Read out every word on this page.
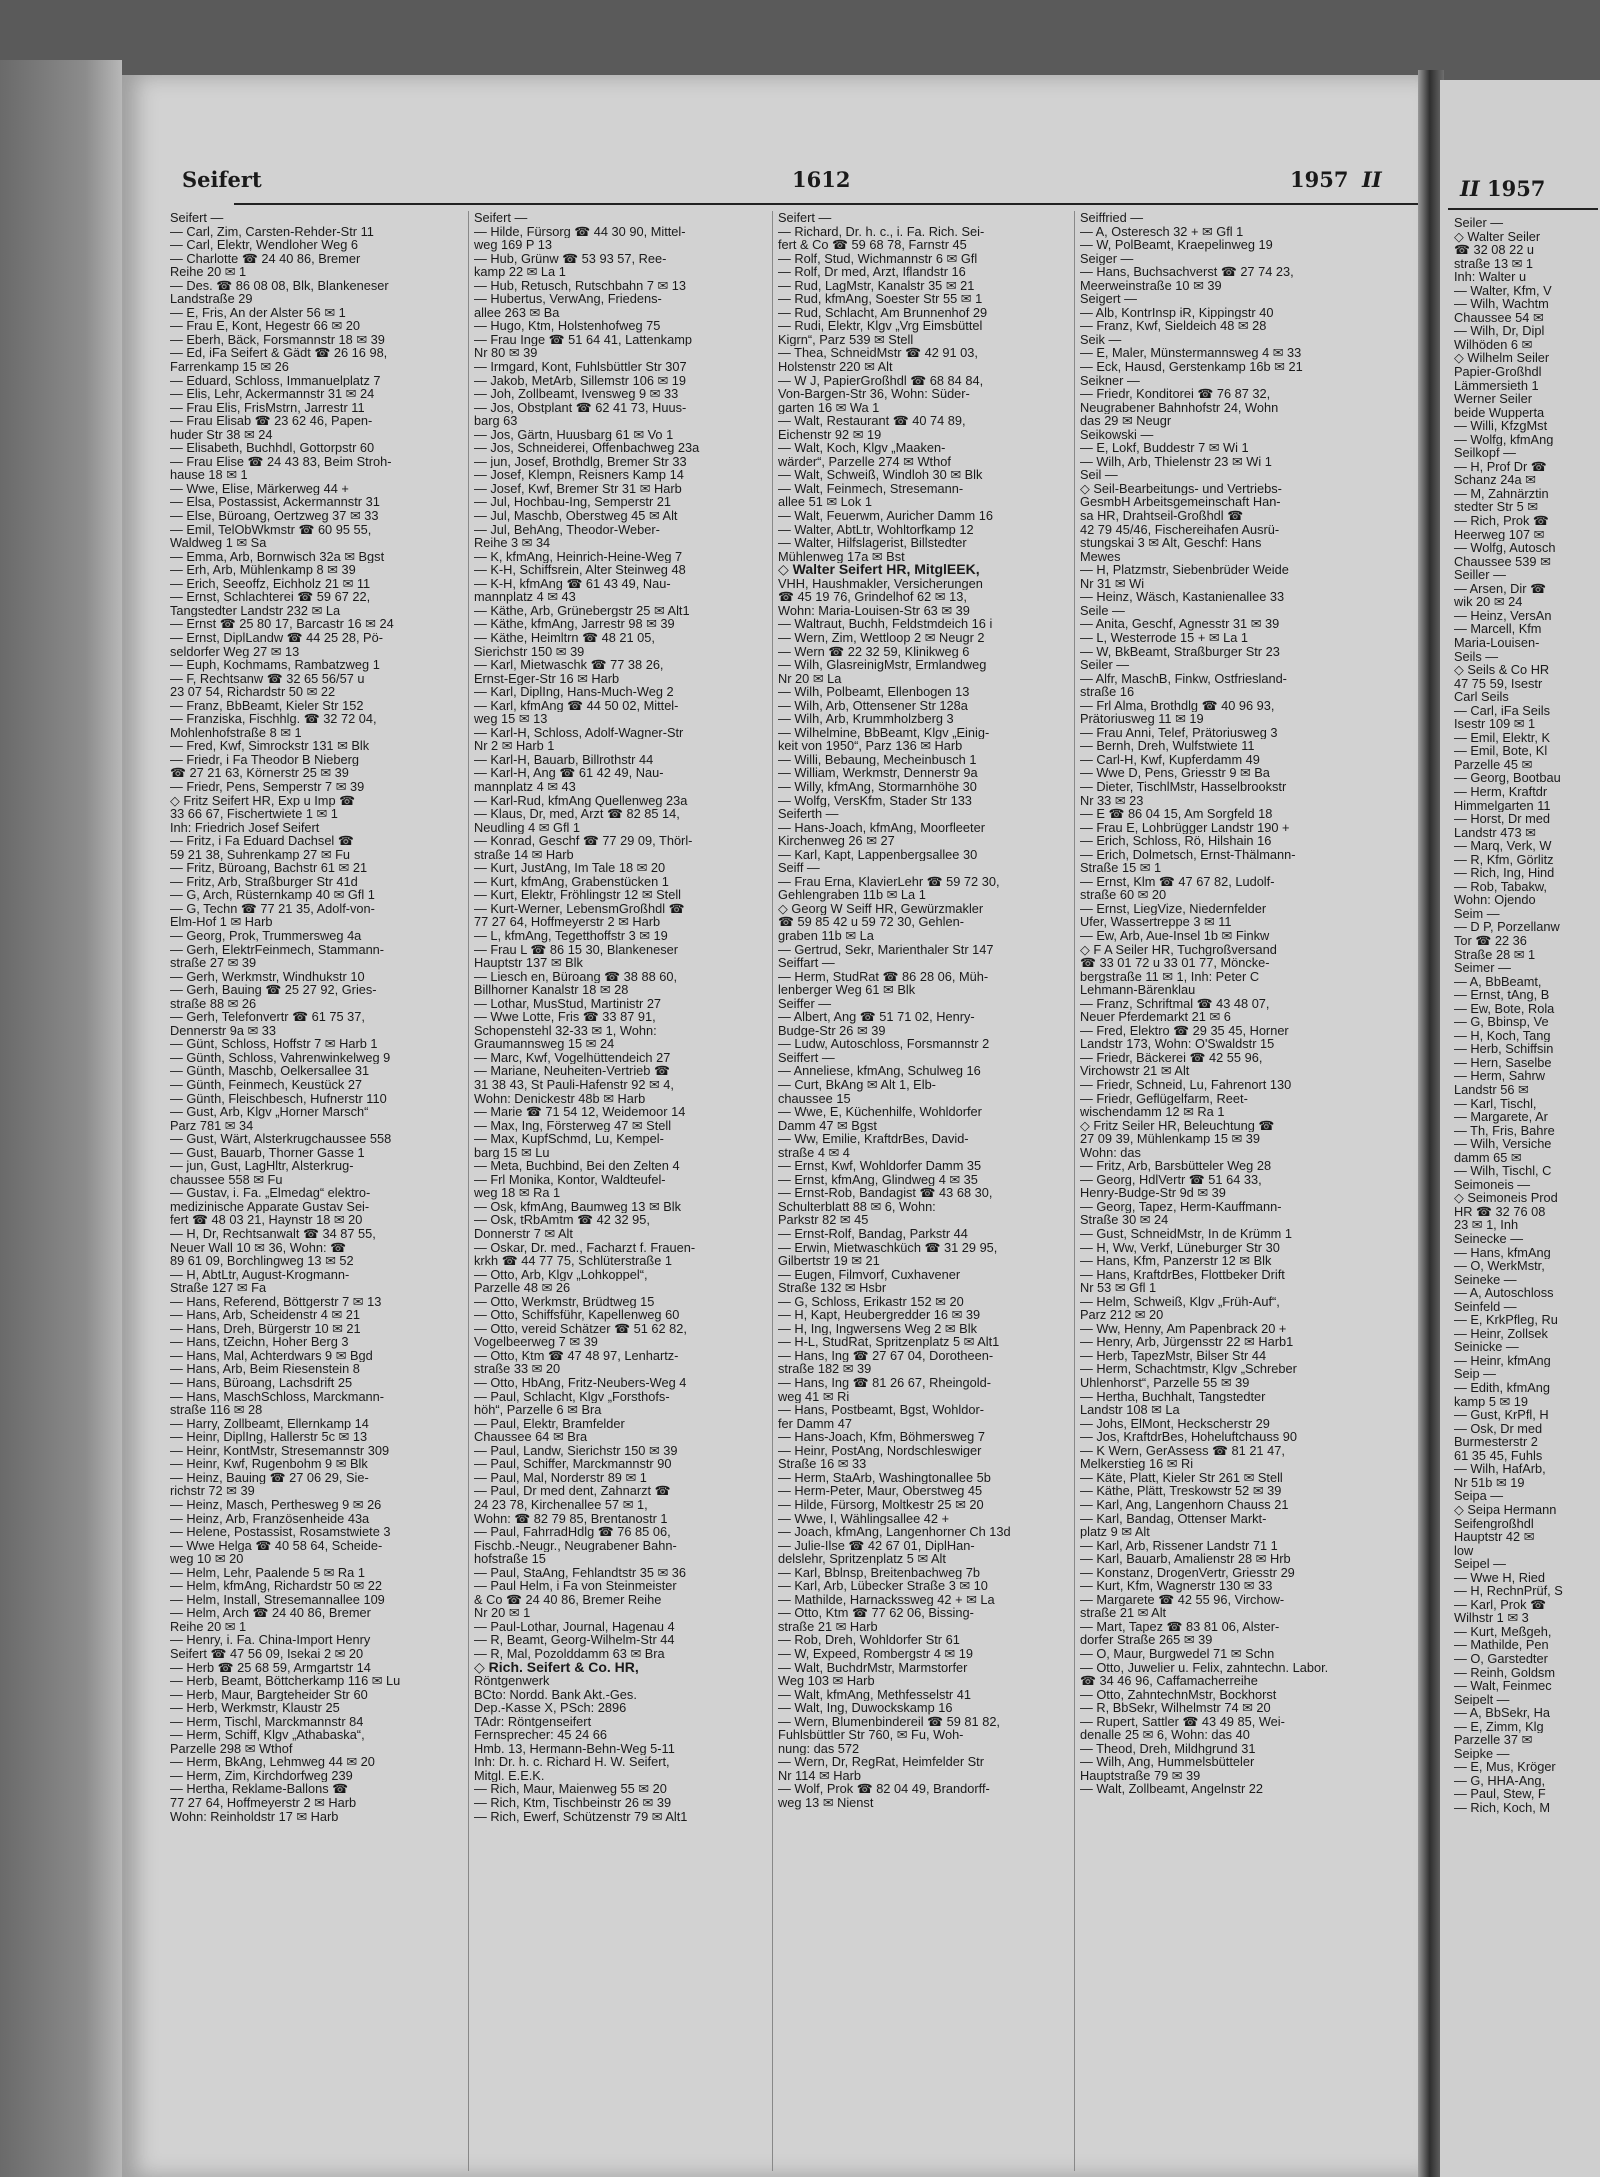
Seifert	1612	1957 II
Seifert —
— Carl, Zim, Carsten-Rehder-Str 11
— Carl, Elektr, Wendloher Weg 6
— Charlotte ☎ 24 40 86, Bremer
Reihe 20 ✉ 1
— Des. ☎ 86 08 08, Blk, Blankeneser
Landstraße 29
— E, Fris, An der Alster 56 ✉ 1
— Frau E, Kont, Hegestr 66 ✉ 20
— Eberh, Bäck, Forsmannstr 18 ✉ 39
— Ed, iFa Seifert & Gädt ☎ 26 16 98,
Farrenkamp 15 ✉ 26
— Eduard, Schloss, Immanuelplatz 7
— Elis, Lehr, Ackermannstr 31 ✉ 24
— Frau Elis, FrisMstrn, Jarrestr 11
— Frau Elisab ☎ 23 62 46, Papen-
huder Str 38 ✉ 24
— Elisabeth, Buchhdl, Gottorpstr 60
— Frau Elise ☎ 24 43 83, Beim Stroh-
hause 18 ✉ 1
— Wwe, Elise, Märkerweg 44 +
— Elsa, Postassist, Ackermannstr 31
— Else, Büroang, Oertzweg 37 ✉ 33
— Emil, TelObWkmstr ☎ 60 95 55,
Waldweg 1 ✉ Sa
— Emma, Arb, Bornwisch 32a ✉ Bgst
— Erh, Arb, Mühlenkamp 8 ✉ 39
— Erich, Seeoffz, Eichholz 21 ✉ 11
— Ernst, Schlachterei ☎ 59 67 22,
Tangstedter Landstr 232 ✉ La
— Ernst ☎ 25 80 17, Barcastr 16 ✉ 24
— Ernst, DiplLandw ☎ 44 25 28, Pö-
seldorfer Weg 27 ✉ 13
— Euph, Kochmams, Rambatzweg 1
— F, Rechtsanw ☎ 32 65 56/57 u
23 07 54, Richardstr 50 ✉ 22
— Franz, BbBeamt, Kieler Str 152
— Franziska, Fischhlg. ☎ 32 72 04,
Mohlenhofstraße 8 ✉ 1
— Fred, Kwf, Simrockstr 131 ✉ Blk
— Friedr, i Fa Theodor B Nieberg
☎ 27 21 63, Körnerstr 25 ✉ 39
— Friedr, Pens, Semperstr 7 ✉ 39
◇ Fritz Seifert HR, Exp u Imp ☎
33 66 67, Fischertwiete 1 ✉ 1
Inh: Friedrich Josef Seifert
— Fritz, i Fa Eduard Dachsel ☎
59 21 38, Suhrenkamp 27 ✉ Fu
— Fritz, Büroang, Bachstr 61 ✉ 21
— Fritz, Arb, Straßburger Str 41d
— G, Arch, Rüsternkamp 40 ✉ Gfl 1
— G, Techn ☎ 77 21 35, Adolf-von-
Elm-Hof 1 ✉ Harb
— Georg, Prok, Trummersweg 4a
— Gerh, ElektrFeinmech, Stammann-
straße 27 ✉ 39
— Gerh, Werkmstr, Windhukstr 10
— Gerh, Bauing ☎ 25 27 92, Gries-
straße 88 ✉ 26
— Gerh, Telefonvertr ☎ 61 75 37,
Dennerstr 9a ✉ 33
— Günt, Schloss, Hoffstr 7 ✉ Harb 1
— Günth, Schloss, Vahrenwinkelweg 9
— Günth, Maschb, Oelkersallee 31
— Günth, Feinmech, Keustück 27
— Günth, Fleischbesch, Hufnerstr 110
— Gust, Arb, Klgv „Horner Marsch“
Parz 781 ✉ 34
— Gust, Wärt, Alsterkrugchaussee 558
— Gust, Bauarb, Thorner Gasse 1
— jun, Gust, LagHltr, Alsterkrug-
chaussee 558 ✉ Fu
— Gustav, i. Fa. „Elmedag“ elektro-
medizinische Apparate Gustav Sei-
fert ☎ 48 03 21, Haynstr 18 ✉ 20
— H, Dr, Rechtsanwalt ☎ 34 87 55,
Neuer Wall 10 ✉ 36, Wohn: ☎
89 61 09, Borchlingweg 13 ✉ 52
— H, AbtLtr, August-Krogmann-
Straße 127 ✉ Fa
— Hans, Referend, Böttgerstr 7 ✉ 13
— Hans, Arb, Scheidenstr 4 ✉ 21
— Hans, Dreh, Bürgerstr 10 ✉ 21
— Hans, tZeichn, Hoher Berg 3
— Hans, Mal, Achterdwars 9 ✉ Bgd
— Hans, Arb, Beim Riesenstein 8
— Hans, Büroang, Lachsdrift 25
— Hans, MaschSchloss, Marckmann-
straße 116 ✉ 28
— Harry, Zollbeamt, Ellernkamp 14
— Heinr, DiplIng, Hallerstr 5c ✉ 13
— Heinr, KontMstr, Stresemannstr 309
— Heinr, Kwf, Rugenbohm 9 ✉ Blk
— Heinz, Bauing ☎ 27 06 29, Sie-
richstr 72 ✉ 39
— Heinz, Masch, Perthesweg 9 ✉ 26
— Heinz, Arb, Französenheide 43a
— Helene, Postassist, Rosamstwiete 3
— Wwe Helga ☎ 40 58 64, Scheide-
weg 10 ✉ 20
— Helm, Lehr, Paalende 5 ✉ Ra 1
— Helm, kfmAng, Richardstr 50 ✉ 22
— Helm, Install, Stresemannallee 109
— Helm, Arch ☎ 24 40 86, Bremer
Reihe 20 ✉ 1
— Henry, i. Fa. China-Import Henry
Seifert ☎ 47 56 09, Isekai 2 ✉ 20
— Herb ☎ 25 68 59, Armgartstr 14
— Herb, Beamt, Böttcherkamp 116 ✉ Lu
— Herb, Maur, Bargteheider Str 60
— Herb, Werkmstr, Klaustr 25
— Herm, Tischl, Marckmannstr 84
— Herm, Schiff, Klgv „Athabaska“,
Parzelle 298 ✉ Wthof
— Herm, BkAng, Lehmweg 44 ✉ 20
— Herm, Zim, Kirchdorfweg 239
— Hertha, Reklame-Ballons ☎
77 27 64, Hoffmeyerstr 2 ✉ Harb
Wohn: Reinholdstr 17 ✉ Harb
Seifert —
— Hilde, Fürsorg ☎ 44 30 90, Mittel-
weg 169 P 13
— Hub, Grünw ☎ 53 93 57, Ree-
kamp 22 ✉ La 1
— Hub, Retusch, Rutschbahn 7 ✉ 13
— Hubertus, VerwAng, Friedens-
allee 263 ✉ Ba
— Hugo, Ktm, Holstenhofweg 75
— Frau Inge ☎ 51 64 41, Lattenkamp
Nr 80 ✉ 39
— Irmgard, Kont, Fuhlsbüttler Str 307
— Jakob, MetArb, Sillemstr 106 ✉ 19
— Joh, Zollbeamt, Ivensweg 9 ✉ 33
— Jos, Obstplant ☎ 62 41 73, Huus-
barg 63
— Jos, Gärtn, Huusbarg 61 ✉ Vo 1
— Jos, Schneiderei, Offenbachweg 23a
— jun, Josef, Brothdlg, Bremer Str 33
— Josef, Klempn, Reisners Kamp 14
— Josef, Kwf, Bremer Str 31 ✉ Harb
— Jul, Hochbau-Ing, Semperstr 21
— Jul, Maschb, Oberstweg 45 ✉ Alt
— Jul, BehAng, Theodor-Weber-
Reihe 3 ✉ 34
— K, kfmAng, Heinrich-Heine-Weg 7
— K-H, Schiffsrein, Alter Steinweg 48
— K-H, kfmAng ☎ 61 43 49, Nau-
mannplatz 4 ✉ 43
— Käthe, Arb, Grünebergstr 25 ✉ Alt1
— Käthe, kfmAng, Jarrestr 98 ✉ 39
— Käthe, Heimltrn ☎ 48 21 05,
Sierichstr 150 ✉ 39
— Karl, Mietwaschk ☎ 77 38 26,
Ernst-Eger-Str 16 ✉ Harb
— Karl, DiplIng, Hans-Much-Weg 2
— Karl, kfmAng ☎ 44 50 02, Mittel-
weg 15 ✉ 13
— Karl-H, Schloss, Adolf-Wagner-Str
Nr 2 ✉ Harb 1
— Karl-H, Bauarb, Billrothstr 44
— Karl-H, Ang ☎ 61 42 49, Nau-
mannplatz 4 ✉ 43
— Karl-Rud, kfmAng Quellenweg 23a
— Klaus, Dr, med, Arzt ☎ 82 85 14,
Neudling 4 ✉ Gfl 1
— Konrad, Geschf ☎ 77 29 09, Thörl-
straße 14 ✉ Harb
— Kurt, JustAng, Im Tale 18 ✉ 20
— Kurt, kfmAng, Grabenstücken 1
— Kurt, Elektr, Fröhlingstr 12 ✉ Stell
— Kurt-Werner, LebensmGroßhdl ☎
77 27 64, Hoffmeyerstr 2 ✉ Harb
— L, kfmAng, Tegetthoffstr 3 ✉ 19
— Frau L ☎ 86 15 30, Blankeneser
Hauptstr 137 ✉ Blk
— Liesch en, Büroang ☎ 38 88 60,
Billhorner Kanalstr 18 ✉ 28
— Lothar, MusStud, Martinistr 27
— Wwe Lotte, Fris ☎ 33 87 91,
Schopenstehl 32-33 ✉ 1, Wohn:
Graumannsweg 15 ✉ 24
— Marc, Kwf, Vogelhüttendeich 27
— Mariane, Neuheiten-Vertrieb ☎
31 38 43, St Pauli-Hafenstr 92 ✉ 4,
Wohn: Denickestr 48b ✉ Harb
— Marie ☎ 71 54 12, Weidemoor 14
— Max, Ing, Försterweg 47 ✉ Stell
— Max, KupfSchmd, Lu, Kempel-
barg 15 ✉ Lu
— Meta, Buchbind, Bei den Zelten 4
— Frl Monika, Kontor, Waldteufel-
weg 18 ✉ Ra 1
— Osk, kfmAng, Baumweg 13 ✉ Blk
— Osk, tRbAmtm ☎ 42 32 95,
Donnerstr 7 ✉ Alt
— Oskar, Dr. med., Facharzt f. Frauen-
krkh ☎ 44 77 75, Schlüterstraße 1
— Otto, Arb, Klgv „Lohkoppel“,
Parzelle 48 ✉ 26
— Otto, Werkmstr, Brüdtweg 15
— Otto, Schiffsführ, Kapellenweg 60
— Otto, vereid Schätzer ☎ 51 62 82,
Vogelbeerweg 7 ✉ 39
— Otto, Ktm ☎ 47 48 97, Lenhartz-
straße 33 ✉ 20
— Otto, HbAng, Fritz-Neubers-Weg 4
— Paul, Schlacht, Klgv „Forsthofs-
höh“, Parzelle 6 ✉ Bra
— Paul, Elektr, Bramfelder
Chaussee 64 ✉ Bra
— Paul, Landw, Sierichstr 150 ✉ 39
— Paul, Schiffer, Marckmannstr 90
— Paul, Mal, Norderstr 89 ✉ 1
— Paul, Dr med dent, Zahnarzt ☎
24 23 78, Kirchenallee 57 ✉ 1,
Wohn: ☎ 82 79 85, Brentanostr 1
— Paul, FahrradHdlg ☎ 76 85 06,
Fischb.-Neugr., Neugrabener Bahn-
hofstraße 15
— Paul, StaAng, Fehlandtstr 35 ✉ 36
— Paul Helm, i Fa von Steinmeister
& Co ☎ 24 40 86, Bremer Reihe
Nr 20 ✉ 1
— Paul-Lothar, Journal, Hagenau 4
— R, Beamt, Georg-Wilhelm-Str 44
— R, Mal, Pozolddamm 63 ✉ Bra
◇ Rich. Seifert & Co. HR,
Röntgenwerk
BCto: Nordd. Bank Akt.-Ges.
Dep.-Kasse X, PSch: 2896
TAdr: Röntgenseifert
Fernsprecher: 45 24 66
Hmb. 13, Hermann-Behn-Weg 5-11
Inh: Dr. h. c. Richard H. W. Seifert,
Mitgl. E.E.K.
— Rich, Maur, Maienweg 55 ✉ 20
— Rich, Ktm, Tischbeinstr 26 ✉ 39
— Rich, Ewerf, Schützenstr 79 ✉ Alt1
Seifert —
— Richard, Dr. h. c., i. Fa. Rich. Sei-
fert & Co ☎ 59 68 78, Farnstr 45
— Rolf, Stud, Wichmannstr 6 ✉ Gfl
— Rolf, Dr med, Arzt, Iflandstr 16
— Rud, LagMstr, Kanalstr 35 ✉ 21
— Rud, kfmAng, Soester Str 55 ✉ 1
— Rud, Schlacht, Am Brunnenhof 29
— Rudi, Elektr, Klgv „Vrg Eimsbüttel
Kigrn“, Parz 539 ✉ Stell
— Thea, SchneidMstr ☎ 42 91 03,
Holstenstr 220 ✉ Alt
— W J, PapierGroßhdl ☎ 68 84 84,
Von-Bargen-Str 36, Wohn: Süder-
garten 16 ✉ Wa 1
— Walt, Restaurant ☎ 40 74 89,
Eichenstr 92 ✉ 19
— Walt, Koch, Klgv „Maaken-
wärder“, Parzelle 274 ✉ Wthof
— Walt, Schweiß, Windloh 30 ✉ Blk
— Walt, Feinmech, Stresemann-
allee 51 ✉ Lok 1
— Walt, Feuerwm, Auricher Damm 16
— Walter, AbtLtr, Wohltorfkamp 12
— Walter, Hilfslagerist, Billstedter
Mühlenweg 17a ✉ Bst
◇ Walter Seifert HR, MitglEEK,
VHH, Haushmakler, Versicherungen
☎ 45 19 76, Grindelhof 62 ✉ 13,
Wohn: Maria-Louisen-Str 63 ✉ 39
— Waltraut, Buchh, Feldstmdeich 16 i
— Wern, Zim, Wettloop 2 ✉ Neugr 2
— Wern ☎ 22 32 59, Klinikweg 6
— Wilh, GlasreinigMstr, Ermlandweg
Nr 20 ✉ La
— Wilh, Polbeamt, Ellenbogen 13
— Wilh, Arb, Ottensener Str 128a
— Wilh, Arb, Krummholzberg 3
— Wilhelmine, BbBeamt, Klgv „Einig-
keit von 1950“, Parz 136 ✉ Harb
— Willi, Bebaung, Mecheinbusch 1
— William, Werkmstr, Dennerstr 9a
— Willy, kfmAng, Stormarnhöhe 30
— Wolfg, VersKfm, Stader Str 133
Seiferth —
— Hans-Joach, kfmAng, Moorfleeter
Kirchenweg 26 ✉ 27
— Karl, Kapt, Lappenbergsallee 30
Seiff —
— Frau Erna, KlavierLehr ☎ 59 72 30,
Gehlengraben 11b ✉ La 1
◇ Georg W Seiff HR, Gewürzmakler
☎ 59 85 42 u 59 72 30, Gehlen-
graben 11b ✉ La
— Gertrud, Sekr, Marienthaler Str 147
Seiffart —
— Herm, StudRat ☎ 86 28 06, Müh-
lenberger Weg 61 ✉ Blk
Seiffer —
— Albert, Ang ☎ 51 71 02, Henry-
Budge-Str 26 ✉ 39
— Ludw, Autoschloss, Forsmannstr 2
Seiffert —
— Anneliese, kfmAng, Schulweg 16
— Curt, BkAng ✉ Alt 1, Elb-
chaussee 15
— Wwe, E, Küchenhilfe, Wohldorfer
Damm 47 ✉ Bgst
— Ww, Emilie, KraftdrBes, David-
straße 4 ✉ 4
— Ernst, Kwf, Wohldorfer Damm 35
— Ernst, kfmAng, Glindweg 4 ✉ 35
— Ernst-Rob, Bandagist ☎ 43 68 30,
Schulterblatt 88 ✉ 6, Wohn:
Parkstr 82 ✉ 45
— Ernst-Rolf, Bandag, Parkstr 44
— Erwin, Mietwaschküch ☎ 31 29 95,
Gilbertstr 19 ✉ 21
— Eugen, Filmvorf, Cuxhavener
Straße 132 ✉ Hsbr
— G, Schloss, Erikastr 152 ✉ 20
— H, Kapt, Heubergredder 16 ✉ 39
— H, Ing, Ingwersens Weg 2 ✉ Blk
— H-L, StudRat, Spritzenplatz 5 ✉ Alt1
— Hans, Ing ☎ 27 67 04, Dorotheen-
straße 182 ✉ 39
— Hans, Ing ☎ 81 26 67, Rheingold-
weg 41 ✉ Ri
— Hans, Postbeamt, Bgst, Wohldor-
fer Damm 47
— Hans-Joach, Kfm, Böhmersweg 7
— Heinr, PostAng, Nordschleswiger
Straße 16 ✉ 33
— Herm, StaArb, Washingtonallee 5b
— Herm-Peter, Maur, Oberstweg 45
— Hilde, Fürsorg, Moltkestr 25 ✉ 20
— Wwe, I, Wählingsallee 42 +
— Joach, kfmAng, Langenhorner Ch 13d
— Julie-Ilse ☎ 42 67 01, DiplHan-
delslehr, Spritzenplatz 5 ✉ Alt
— Karl, Bblnsp, Breitenbachweg 7b
— Karl, Arb, Lübecker Straße 3 ✉ 10
— Mathilde, Harnackssweg 42 + ✉ La
— Otto, Ktm ☎ 77 62 06, Bissing-
straße 21 ✉ Harb
— Rob, Dreh, Wohldorfer Str 61
— W, Expeed, Rombergstr 4 ✉ 19
— Walt, BuchdrMstr, Marmstorfer
Weg 103 ✉ Harb
— Walt, kfmAng, Methfesselstr 41
— Walt, Ing, Duwockskamp 16
— Wern, Blumenbindereil ☎ 59 81 82,
Fuhlsbüttler Str 760, ✉ Fu, Woh-
nung: das 572
— Wern, Dr, RegRat, Heimfelder Str
Nr 114 ✉ Harb
— Wolf, Prok ☎ 82 04 49, Brandorff-
weg 13 ✉ Nienst
Seiffried —
— A, Osteresch 32 + ✉ Gfl 1
— W, PolBeamt, Kraepelinweg 19
Seiger —
— Hans, Buchsachverst ☎ 27 74 23,
Meerweinstraße 10 ✉ 39
Seigert —
— Alb, KontrInsp iR, Kippingstr 40
— Franz, Kwf, Sieldeich 48 ✉ 28
Seik —
— E, Maler, Münstermannsweg 4 ✉ 33
— Eck, Hausd, Gerstenkamp 16b ✉ 21
Seikner —
— Friedr, Konditorei ☎ 76 87 32,
Neugrabener Bahnhofstr 24, Wohn
das 29 ✉ Neugr
Seikowski —
— E, Lokf, Buddestr 7 ✉ Wi 1
— Wilh, Arb, Thielenstr 23 ✉ Wi 1
Seil —
◇ Seil-Bearbeitungs- und Vertriebs-
GesmbH Arbeitsgemeinschaft Han-
sa HR, Drahtseil-Großhdl ☎
42 79 45/46, Fischereihafen Ausrü-
stungskai 3 ✉ Alt, Geschf: Hans
Mewes
— H, Platzmstr, Siebenbrüder Weide
Nr 31 ✉ Wi
— Heinz, Wäsch, Kastanienallee 33
Seile —
— Anita, Geschf, Agnesstr 31 ✉ 39
— L, Westerrode 15 + ✉ La 1
— W, BkBeamt, Straßburger Str 23
Seiler —
— Alfr, MaschB, Finkw, Ostfriesland-
straße 16
— Frl Alma, Brothdlg ☎ 40 96 93,
Prätoriusweg 11 ✉ 19
— Frau Anni, Telef, Prätoriusweg 3
— Bernh, Dreh, Wulfstwiete 11
— Carl-H, Kwf, Kupferdamm 49
— Wwe D, Pens, Griesstr 9 ✉ Ba
— Dieter, TischlMstr, Hasselbrookstr
Nr 33 ✉ 23
— E ☎ 86 04 15, Am Sorgfeld 18
— Frau E, Lohbrügger Landstr 190 +
— Erich, Schloss, Rö, Hilshain 16
— Erich, Dolmetsch, Ernst-Thälmann-
Straße 15 ✉ 1
— Ernst, Klm ☎ 47 67 82, Ludolf-
straße 60 ✉ 20
— Ernst, LiegVize, Niedernfelder
Ufer, Wassertreppe 3 ✉ 11
— Ew, Arb, Aue-Insel 1b ✉ Finkw
◇ F A Seiler HR, Tuchgroßversand
☎ 33 01 72 u 33 01 77, Möncke-
bergstraße 11 ✉ 1, Inh: Peter C
Lehmann-Bärenklau
— Franz, Schriftmal ☎ 43 48 07,
Neuer Pferdemarkt 21 ✉ 6
— Fred, Elektro ☎ 29 35 45, Horner
Landstr 173, Wohn: O'Swaldstr 15
— Friedr, Bäckerei ☎ 42 55 96,
Virchowstr 21 ✉ Alt
— Friedr, Schneid, Lu, Fahrenort 130
— Friedr, Geflügelfarm, Reet-
wischendamm 12 ✉ Ra 1
◇ Fritz Seiler HR, Beleuchtung ☎
27 09 39, Mühlenkamp 15 ✉ 39
Wohn: das
— Fritz, Arb, Barsbütteler Weg 28
— Georg, HdlVertr ☎ 51 64 33,
Henry-Budge-Str 9d ✉ 39
— Georg, Tapez, Herm-Kauffmann-
Straße 30 ✉ 24
— Gust, SchneidMstr, In de Krümm 1
— H, Ww, Verkf, Lüneburger Str 30
— Hans, Kfm, Panzerstr 12 ✉ Blk
— Hans, KraftdrBes, Flottbeker Drift
Nr 53 ✉ Gfl 1
— Helm, Schweiß, Klgv „Früh-Auf“,
Parz 212 ✉ 20
— Ww, Henny, Am Papenbrack 20 +
— Henry, Arb, Jürgensstr 22 ✉ Harb1
— Herb, TapezMstr, Bilser Str 44
— Herm, Schachtmstr, Klgv „Schreber
Uhlenhorst“, Parzelle 55 ✉ 39
— Hertha, Buchhalt, Tangstedter
Landstr 108 ✉ La
— Johs, ElMont, Heckscherstr 29
— Jos, KraftdrBes, Hoheluftchauss 90
— K Wern, GerAssess ☎ 81 21 47,
Melkerstieg 16 ✉ Ri
— Käte, Platt, Kieler Str 261 ✉ Stell
— Käthe, Plätt, Treskowstr 52 ✉ 39
— Karl, Ang, Langenhorn Chauss 21
— Karl, Bandag, Ottenser Markt-
platz 9 ✉ Alt
— Karl, Arb, Rissener Landstr 71 1
— Karl, Bauarb, Amalienstr 28 ✉ Hrb
— Konstanz, DrogenVertr, Griesstr 29
— Kurt, Kfm, Wagnerstr 130 ✉ 33
— Margarete ☎ 42 55 96, Virchow-
straße 21 ✉ Alt
— Mart, Tapez ☎ 83 81 06, Alster-
dorfer Straße 265 ✉ 39
— O, Maur, Burgwedel 71 ✉ Schn
— Otto, Juwelier u. Felix, zahntechn. Labor.
☎ 34 46 96, Caffamacherreihe
— Otto, ZahntechnMstr, Bockhorst
— R, BbSekr, Wilhelmstr 74 ✉ 20
— Rupert, Sattler ☎ 43 49 85, Wei-
denalle 25 ✉ 6, Wohn: das 40
— Theod, Dreh, Mildhgrund 31
— Wilh, Ang, Hummelsbütteler
Hauptstraße 79 ✉ 39
— Walt, Zollbeamt, Angelnstr 22
II 1957
Seiler —
◇ Walter Seiler
☎ 32 08 22 u
straße 13 ✉ 1
Inh: Walter u
— Walter, Kfm, V
— Wilh, Wachtm
Chaussee 54 ✉
— Wilh, Dr, Dipl
Wilhöden 6 ✉
◇ Wilhelm Seiler
Papier-Großhdl
Lämmersieth 1
Werner Seiler
beide Wupperta
— Willi, KfzgMst
— Wolfg, kfmAng
Seilkopf —
— H, Prof Dr ☎
Schanz 24a ✉
— M, Zahnärztin
stedter Str 5 ✉
— Rich, Prok ☎
Heerweg 107 ✉
— Wolfg, Autosch
Chaussee 539 ✉
Seiller —
— Arsen, Dir ☎
wik 20 ✉ 24
— Heinz, VersAn
— Marcell, Kfm
Maria-Louisen-
Seils —
◇ Seils & Co HR
47 75 59, Isestr
Carl Seils
— Carl, iFa Seils
Isestr 109 ✉ 1
— Emil, Elektr, K
— Emil, Bote, Kl
Parzelle 45 ✉
— Georg, Bootbau
— Herm, Kraftdr
Himmelgarten 11
— Horst, Dr med
Landstr 473 ✉
— Marq, Verk, W
— R, Kfm, Görlitz
— Rich, Ing, Hind
— Rob, Tabakw,
Wohn: Ojendo
Seim —
— D P, Porzellanw
Tor ☎ 22 36
Straße 28 ✉ 1
Seimer —
— A, BbBeamt,
— Ernst, tAng, B
— Ew, Bote, Rola
— G, Bbinsp, Ve
— H, Koch, Tang
— Herb, Schiffsin
— Hern, Saselbe
— Herm, Sahrw
Landstr 56 ✉
— Karl, Tischl,
— Margarete, Ar
— Th, Fris, Bahre
— Wilh, Versiche
damm 65 ✉
— Wilh, Tischl, C
Seimoneis —
◇ Seimoneis Prod
HR ☎ 32 76 08
23 ✉ 1, Inh
Seinecke —
— Hans, kfmAng
— O, WerkMstr,
Seineke —
— A, Autoschloss
Seinfeld —
— E, KrkPfleg, Ru
— Heinr, Zollsek
Seinicke —
— Heinr, kfmAng
Seip —
— Edith, kfmAng
kamp 5 ✉ 19
— Gust, KrPfl, H
— Osk, Dr med
Burmesterstr 2
61 35 45, Fuhls
— Wilh, HafArb,
Nr 51b ✉ 19
Seipa —
◇ Seipa Hermann
Seifengroßhdl
Hauptstr 42 ✉
low
Seipel —
— Wwe H, Ried
— H, RechnPrüf, S
— Karl, Prok ☎
Wilhstr 1 ✉ 3
— Kurt, Meßgeh,
— Mathilde, Pen
— O, Garstedter
— Reinh, Goldsm
— Walt, Feinmec
Seipelt —
— A, BbSekr, Ha
— E, Zimm, Klg
Parzelle 37 ✉
Seipke —
— E, Mus, Kröger
— G, HHA-Ang,
— Paul, Stew, F
— Rich, Koch, M
